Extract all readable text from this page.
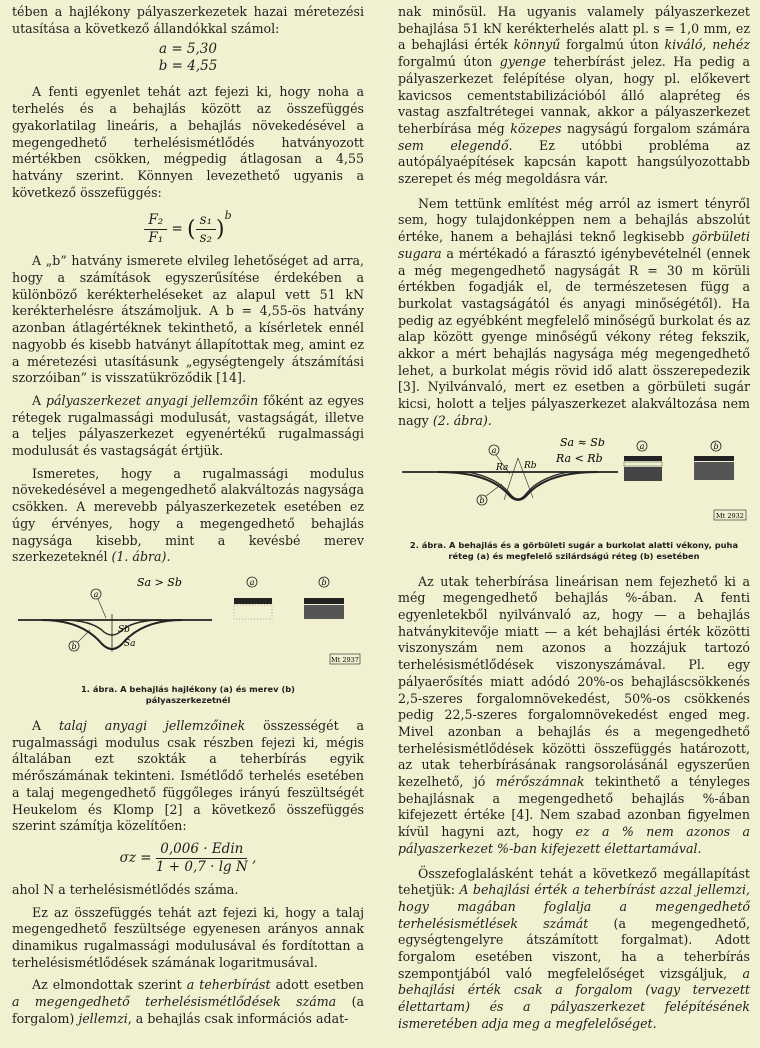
tében a hajlékony pályaszerkezetek hazai méretezési utasítása a következő állandókkal számol:

a = 5,30
b = 4,55

A fenti egyenlet tehát azt fejezi ki, hogy noha a terhelés és a behajlás között az összefüggés gyakorlatilag lineáris, a behajlás növekedésével a megengedhető terhelésismétlődés hatványozott mértékben csökken, mégpedig átlagosan a 4,55 hatvány szerint. Könnyen levezethető ugyanis a következő összefüggés:

$\frac{\text{F₂}}{\text{F₁}}$ = ( $\frac{\text{s₁}}{\text{s₂}} )^b$

A „b” hatvány ismerete elvileg lehetőséget ad arra, hogy a számítások egyszerűsítése érdekében a különböző kerékterheléseket az alapul vett 51 kN kerékterhelésre átszámoljuk. A b = 4,55-ös hatvány azonban átlagértéknek tekinthető, a kísérletek ennél nagyobb és kisebb hatványt állapítottak meg, amint ez a méretezési utasításunk „egységtengely átszámítási szorzóiban” is visszatükröződik [14].

A pályaszerkezet anyagi jellemzőin főként az egyes rétegek rugalmassági modulusát, vastagságát, illetve a teljes pályaszerkezet egyenértékű rugalmassági modulusát és vastagságát értjük.

Ismeretes, hogy a rugalmassági modulus növekedésével a megengedhető alakváltozás nagysága csökken. A merevebb pályaszerkezetek esetében ez úgy érvényes, hogy a megengedhető behajlás nagysága kisebb, mint a kevésbé merev szerkezeteknél (1. ábra).

a
b
Sa > Sb
Sb
Sa
a	b
Mt 2937
1. ábra. A behajlás hajlékony (a) és merev (b) pályaszerkezetnél

A talaj anyagi jellemzőinek összességét a rugalmassági modulus csak részben fejezi ki, mégis általában ezt szokták a teherbírás egyik mérőszámának tekinteni. Ismétlődő terhelés esetében a talaj megengedhető függőleges irányú feszültségét Heukelom és Klomp [2] a következő összefüggés szerint számítja közelítően:

$\sigma z = \frac{\text{0,006 · Edin}}{\text{1 + 0,7 · lg N}}$ ,

ahol N a terhelésismétlődés száma.

Ez az összefüggés tehát azt fejezi ki, hogy a talaj megengedhető feszültsége egyenesen arányos annak dinamikus rugalmassági modulusával és fordítottan a terhelésismétlődések számának logaritmusával.

Az elmondottak szerint a teherbírást adott esetben a megengedhető terhelésismétlődések száma (a forgalom) jellemzi, a behajlás csak információs adat-

nak minősül. Ha ugyanis valamely pályaszerkezet behajlása 51 kN kerékterhelés alatt pl. s = 1,0 mm, ez a behajlási érték könnyű forgalmú úton kiváló, nehéz forgalmú úton gyenge teherbírást jelez. Ha pedig a pályaszerkezet felépítése olyan, hogy pl. előkevert kavicsos cementstabilizációból álló alapréteg és vastag aszfaltrétegei vannak, akkor a pályaszerkezet teherbírása még közepes nagyságú forgalom számára sem elegendő. Ez utóbbi probléma az autópályaépítések kapcsán kapott hangsúlyozottabb szerepet és még megoldásra vár.

Nem tettünk említést még arról az ismert tényről sem, hogy tulajdonképpen nem a behajlás abszolút értéke, hanem a behajlási teknő legkisebb görbületi sugara a mértékadó a fárasztó igénybevételnél (ennek a még megengedhető nagyságát R = 30 m körüli értékben fogadják el, de természetesen függ a burkolat vastagságától és anyagi minőségétől). Ha pedig az egyébként megfelelő minőségű burkolat és az alap között gyenge minőségű vékony réteg fekszik, akkor a mért behajlás nagysága még megengedhető lehet, a burkolat mégis rövid idő alatt összerepedezik [3]. Nyilvánvaló, mert ez esetben a görbületi sugár kicsi, holott a teljes pályaszerkezet alakváltozása nem nagy (2. ábra).

Ra Rb
a
b
Sa ≈ Sb
Ra < Rb
a	b
Mt 2932
2. ábra. A behajlás és a görbületi sugár a burkolat alatti vékony, puha réteg (a) és megfelelő szilárdságú réteg (b) esetében

Az utak teherbírása lineárisan nem fejezhető ki a még megengedhető behajlás %-ában. A fenti egyenletekből nyilvánvaló az, hogy — a behajlás hatványkitevője miatt — a két behajlási érték közötti viszonyszám nem azonos a hozzájuk tartozó terhelésismétlődések viszonyszámával. Pl. egy pályaerősítés miatt adódó 20%-os behajláscsökkenés 2,5-szeres forgalomnövekedést, 50%-os csökkenés pedig 22,5-szeres forgalomnövekedést enged meg. Mivel azonban a behajlás és a megengedhető terhelésismétlődések közötti összefüggés határozott, az utak teherbírásának rangsorolásánál egyszerűen kezelhető, jó mérőszámnak tekinthető a tényleges behajlásnak a megengedhető behajlás %-ában kifejezett értéke [4]. Nem szabad azonban figyelmen kívül hagyni azt, hogy ez a % nem azonos a pályaszerkezet %-ban kifejezett élettartamával.

Összefoglalásként tehát a következő megállapítást tehetjük: A behajlási érték a teherbírást azzal jellemzi, hogy magában foglalja a megengedhető terhelésismétlések számát (a megengedhető, egységtengelyre átszámított forgalmat). Adott forgalom esetében viszont, ha a teherbírás szempontjából való megfelelőséget vizsgáljuk, a behajlási érték csak a forgalom (vagy tervezett élettartam) és a pályaszerkezet felépítésének ismeretében adja meg a megfelelőséget.
